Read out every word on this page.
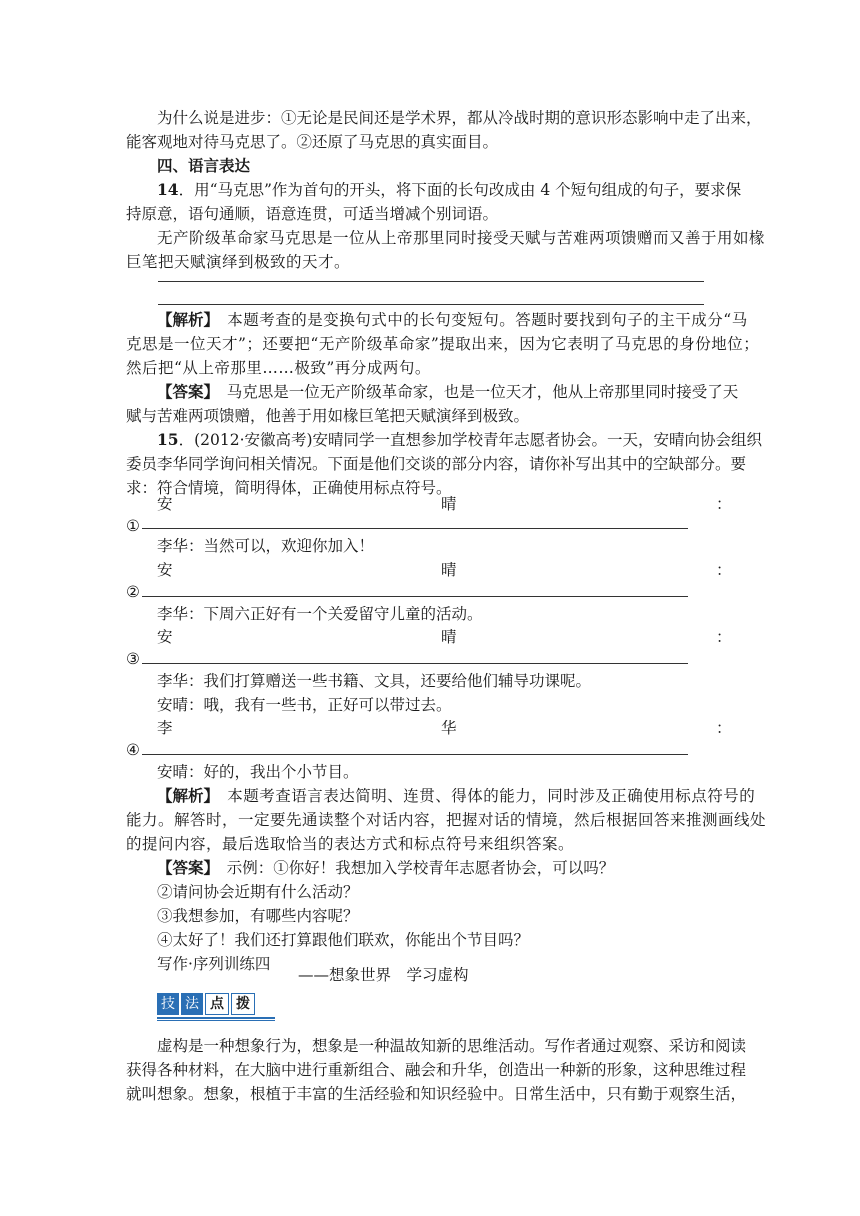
为什么说是进步：①无论是民间还是学术界，都从冷战时期的意识形态影响中走了出来，
能客观地对待马克思了。②还原了马克思的真实面目。
四、语言表达
14．用“马克思”作为首句的开头，将下面的长句改成由 4 个短句组成的句子，要求保
持原意，语句通顺，语意连贯，可适当增减个别词语。
无产阶级革命家马克思是一位从上帝那里同时接受天赋与苦难两项馈赠而又善于用如椽
巨笔把天赋演绎到极致的天才。
【解析】　本题考查的是变换句式中的长句变短句。答题时要找到句子的主干成分“马
克思是一位天才”；还要把“无产阶级革命家”提取出来，因为它表明了马克思的身份地位；
然后把“从上帝那里……极致”再分成两句。
【答案】　马克思是一位无产阶级革命家，也是一位天才，他从上帝那里同时接受了天
赋与苦难两项馈赠，他善于用如椽巨笔把天赋演绎到极致。
15．(2012·安徽高考)安晴同学一直想参加学校青年志愿者协会。一天，安晴向协会组织
委员李华同学询问相关情况。下面是他们交谈的部分内容，请你补写出其中的空缺部分。要
求：符合情境，简明得体，正确使用标点符号。
安	晴	：
①
李华：当然可以，欢迎你加入！
安	晴	：
②
李华：下周六正好有一个关爱留守儿童的活动。
安	晴	：
③
李华：我们打算赠送一些书籍、文具，还要给他们辅导功课呢。
安晴：哦，我有一些书，正好可以带过去。
李	华	：
④
安晴：好的，我出个小节目。
【解析】　本题考查语言表达简明、连贯、得体的能力，同时涉及正确使用标点符号的
能力。解答时，一定要先通读整个对话内容，把握对话的情境，然后根据回答来推测画线处
的提问内容，最后选取恰当的表达方式和标点符号来组织答案。
【答案】　示例：①你好！我想加入学校青年志愿者协会，可以吗？
②请问协会近期有什么活动？
③我想参加，有哪些内容呢？
④太好了！我们还打算跟他们联欢，你能出个节目吗？
写作·序列训练四
——想象世界　学习虚构
技 法 点 拨
虚构是一种想象行为，想象是一种温故知新的思维活动。写作者通过观察、采访和阅读
获得各种材料，在大脑中进行重新组合、融会和升华，创造出一种新的形象，这种思维过程
就叫想象。想象，根植于丰富的生活经验和知识经验中。日常生活中，只有勤于观察生活，
